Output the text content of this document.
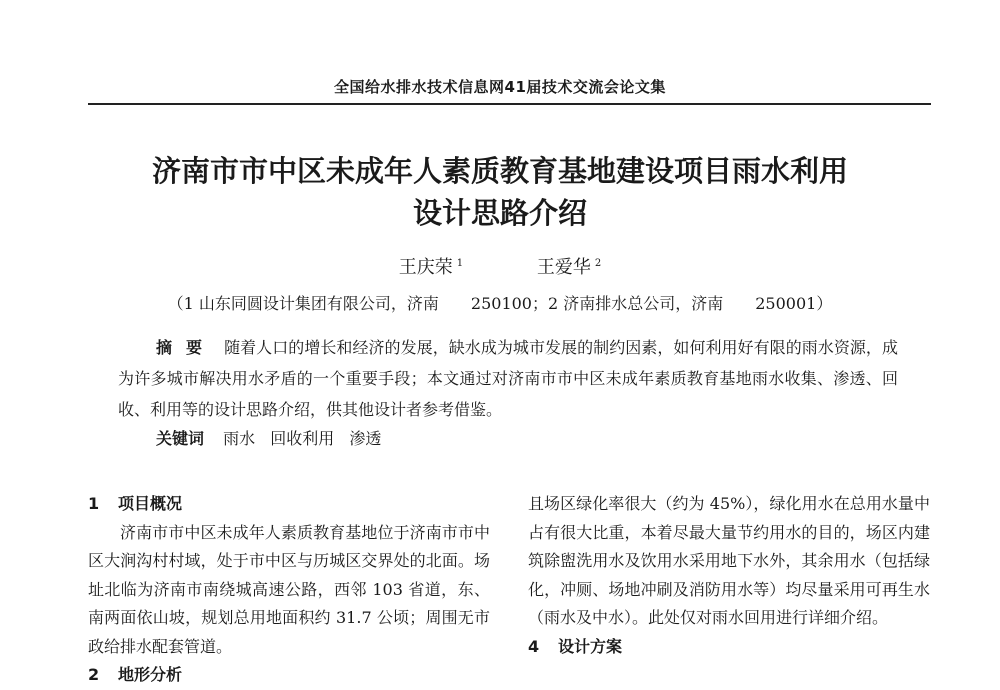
全国给水排水技术信息网41届技术交流会论文集
济南市市中区未成年人素质教育基地建设项目雨水利用
设计思路介绍
王庆荣 $^1$	王爱华 $^2$
（1 山东同圆设计集团有限公司，济南　　250100；2 济南排水总公司，济南　　250001）
摘要 随着人口的增长和经济的发展，缺水成为城市发展的制约因素，如何利用好有限的雨水资源，成为许多城市解决用水矛盾的一个重要手段；本文通过对济南市市中区未成年素质教育基地雨水收集、渗透、回收、利用等的设计思路介绍，供其他设计者参考借鉴。
关键词 雨水 回收利用 渗透
1 项目概况
济南市市中区未成年人素质教育基地位于济南市市中区大涧沟村村域，处于市中区与历城区交界处的北面。场址北临为济南市南绕城高速公路，西邻 103 省道，东、南两面依山坡，规划总用地面积约 31.7 公顷；周围无市政给排水配套管道。
2 地形分析
且场区绿化率很大（约为 45%），绿化用水在总用水量中占有很大比重，本着尽最大量节约用水的目的，场区内建筑除盥洗用水及饮用水采用地下水外，其余用水（包括绿化，冲厕、场地冲刷及消防用水等）均尽量采用可再生水（雨水及中水）。此处仅对雨水回用进行详细介绍。
4 设计方案
